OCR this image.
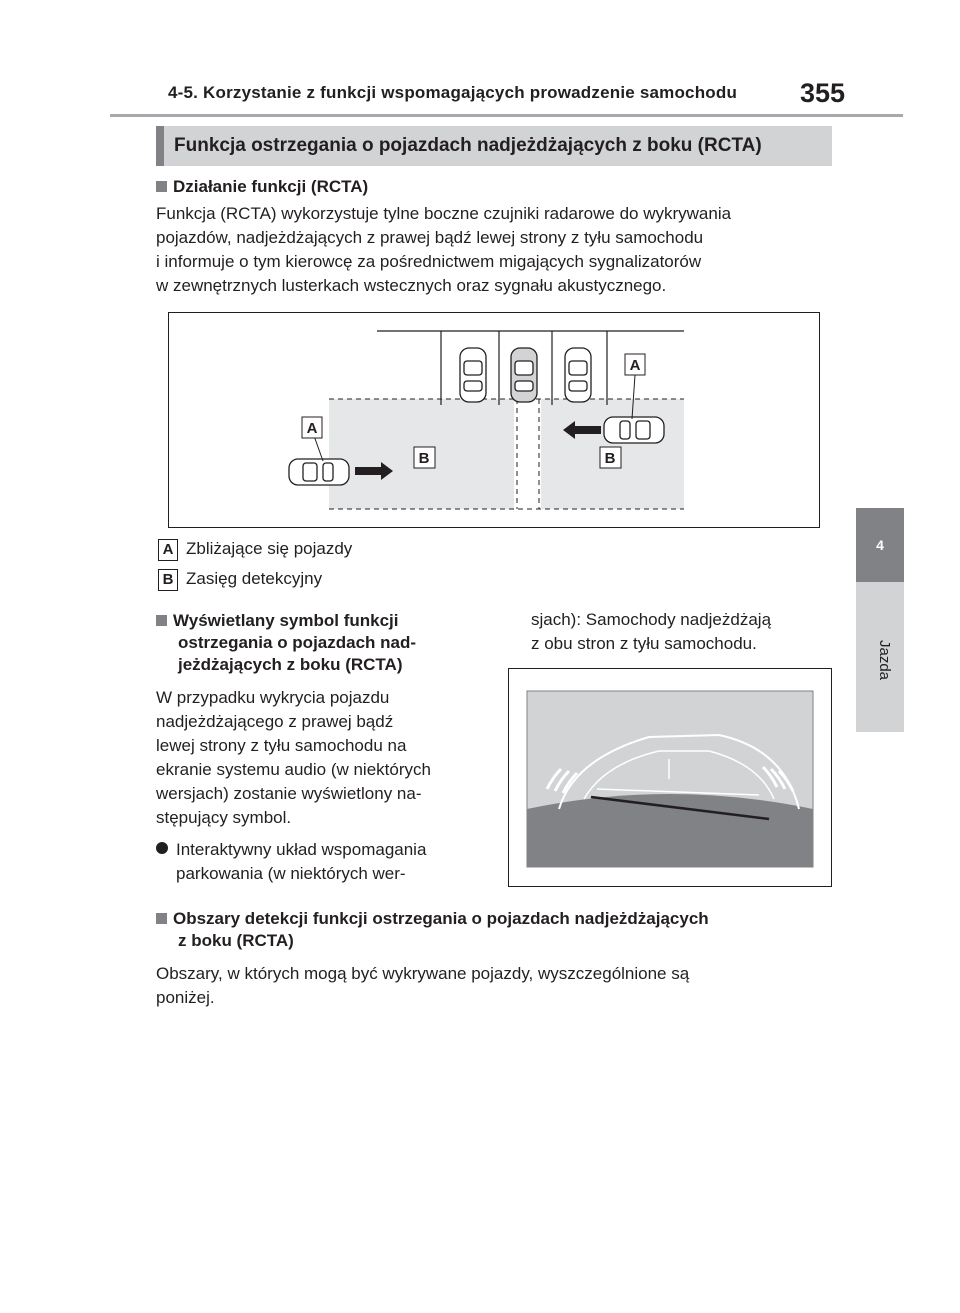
4-5. Korzystanie z funkcji wspomagających prowadzenie samochodu 355
Funkcja ostrzegania o pojazdach nadjeżdżających z boku (RCTA)
Działanie funkcji (RCTA)
Funkcja (RCTA) wykorzystuje tylne boczne czujniki radarowe do wykrywania
pojazdów, nadjeżdżających z prawej bądź lewej strony z tyłu samochodu
i informuje o tym kierowcę za pośrednictwem migających sygnalizatorów
w zewnętrznych lusterkach wstecznych oraz sygnału akustycznego.
A
A
B	B
A Zbliżające się pojazdy
B Zasięg detekcyjny
Wyświetlany symbol funkcji
ostrzegania o pojazdach nad-
jeżdżających z boku (RCTA)
W przypadku wykrycia pojazdu
nadjeżdżającego z prawej bądź
lewej strony z tyłu samochodu na
ekranie systemu audio (w niektórych
wersjach) zostanie wyświetlony na-
stępujący symbol.
Interaktywny układ wspomagania
parkowania (w niektórych wer-
sjach): Samochody nadjeżdżają
z obu stron z tyłu samochodu.
Obszary detekcji funkcji ostrzegania o pojazdach nadjeżdżających
z boku (RCTA)
Obszary, w których mogą być wykrywane pojazdy, wyszczególnione są
poniżej.
4
Jazda
